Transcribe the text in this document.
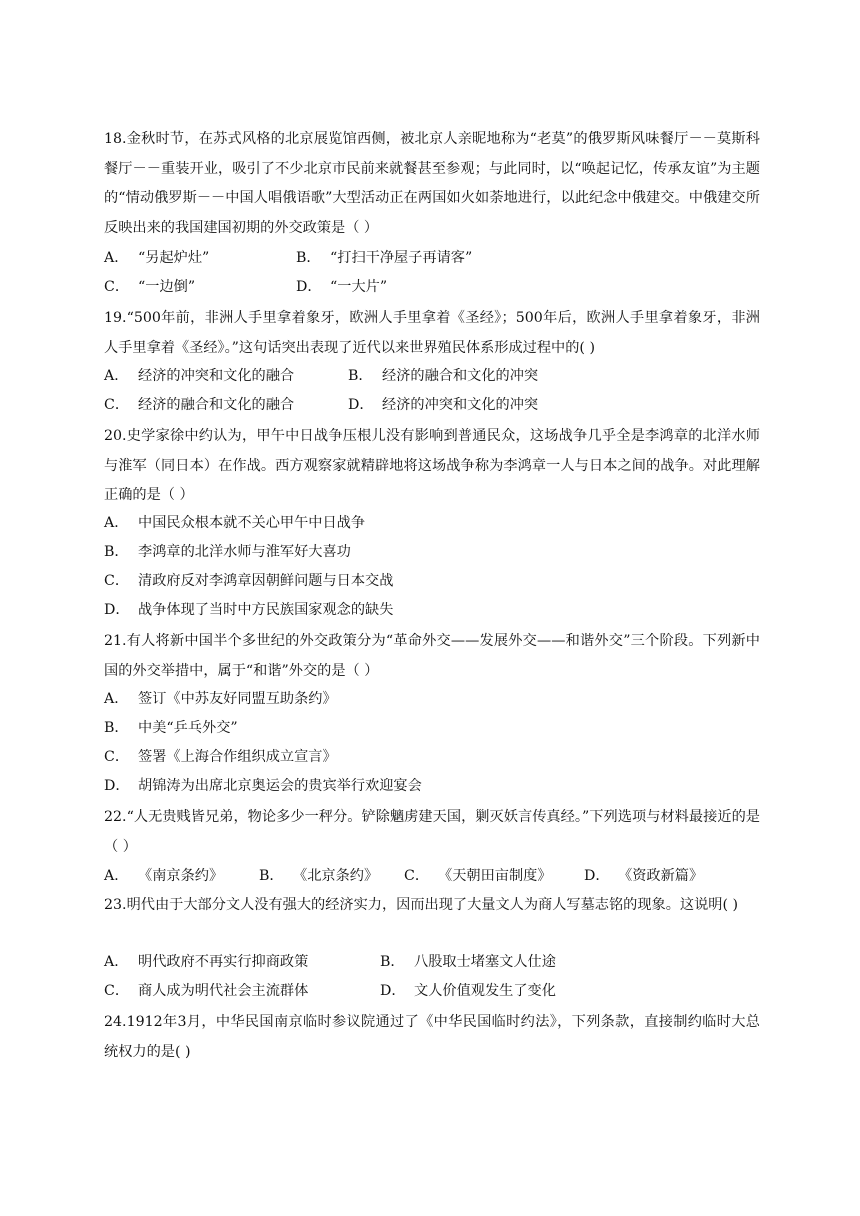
18.金秋时节，在苏式风格的北京展览馆西侧，被北京人亲昵地称为“老莫”的俄罗斯风味餐厅－－莫斯科餐厅－－重装开业，吸引了不少北京市民前来就餐甚至参观；与此同时，以“唤起记忆，传承友谊”为主题的“情动俄罗斯－－中国人唱俄语歌”大型活动正在两国如火如荼地进行，以此纪念中俄建交。中俄建交所反映出来的我国建国初期的外交政策是（ ）
A． “另起炉灶”	B． “打扫干净屋子再请客”
C． “一边倒”	D． “一大片”
19.“500年前，非洲人手里拿着象牙，欧洲人手里拿着《圣经》；500年后，欧洲人手里拿着象牙，非洲人手里拿着《圣经》。”这句话突出表现了近代以来世界殖民体系形成过程中的( )
A． 经济的冲突和文化的融合	B． 经济的融合和文化的冲突
C． 经济的融合和文化的融合	D． 经济的冲突和文化的冲突
20.史学家徐中约认为，甲午中日战争压根儿没有影响到普通民众，这场战争几乎全是李鸿章的北洋水师与淮军（同日本）在作战。西方观察家就精辟地将这场战争称为李鸿章一人与日本之间的战争。对此理解正确的是（ ）
A． 中国民众根本就不关心甲午中日战争
B． 李鸿章的北洋水师与淮军好大喜功
C． 清政府反对李鸿章因朝鲜问题与日本交战
D． 战争体现了当时中方民族国家观念的缺失
21.有人将新中国半个多世纪的外交政策分为“革命外交——发展外交——和谐外交”三个阶段。下列新中国的外交举措中，属于“和谐”外交的是（ ）
A． 签订《中苏友好同盟互助条约》
B． 中美“乒乓外交”
C． 签署《上海合作组织成立宣言》
D． 胡锦涛为出席北京奥运会的贵宾举行欢迎宴会
22.“人无贵贱皆兄弟，物论多少一秤分。铲除魑虏建天国，剿灭妖言传真经。”下列选项与材料最接近的是（ ）
A． 《南京条约》	B． 《北京条约》 C． 《天朝田亩制度》 D． 《资政新篇》
23.明代由于大部分文人没有强大的经济实力，因而出现了大量文人为商人写墓志铭的现象。这说明( )
A． 明代政府不再实行抑商政策	B． 八股取士堵塞文人仕途
C． 商人成为明代社会主流群体	D． 文人价值观发生了变化
24.1912年3月，中华民国南京临时参议院通过了《中华民国临时约法》，下列条款，直接制约临时大总统权力的是( )
